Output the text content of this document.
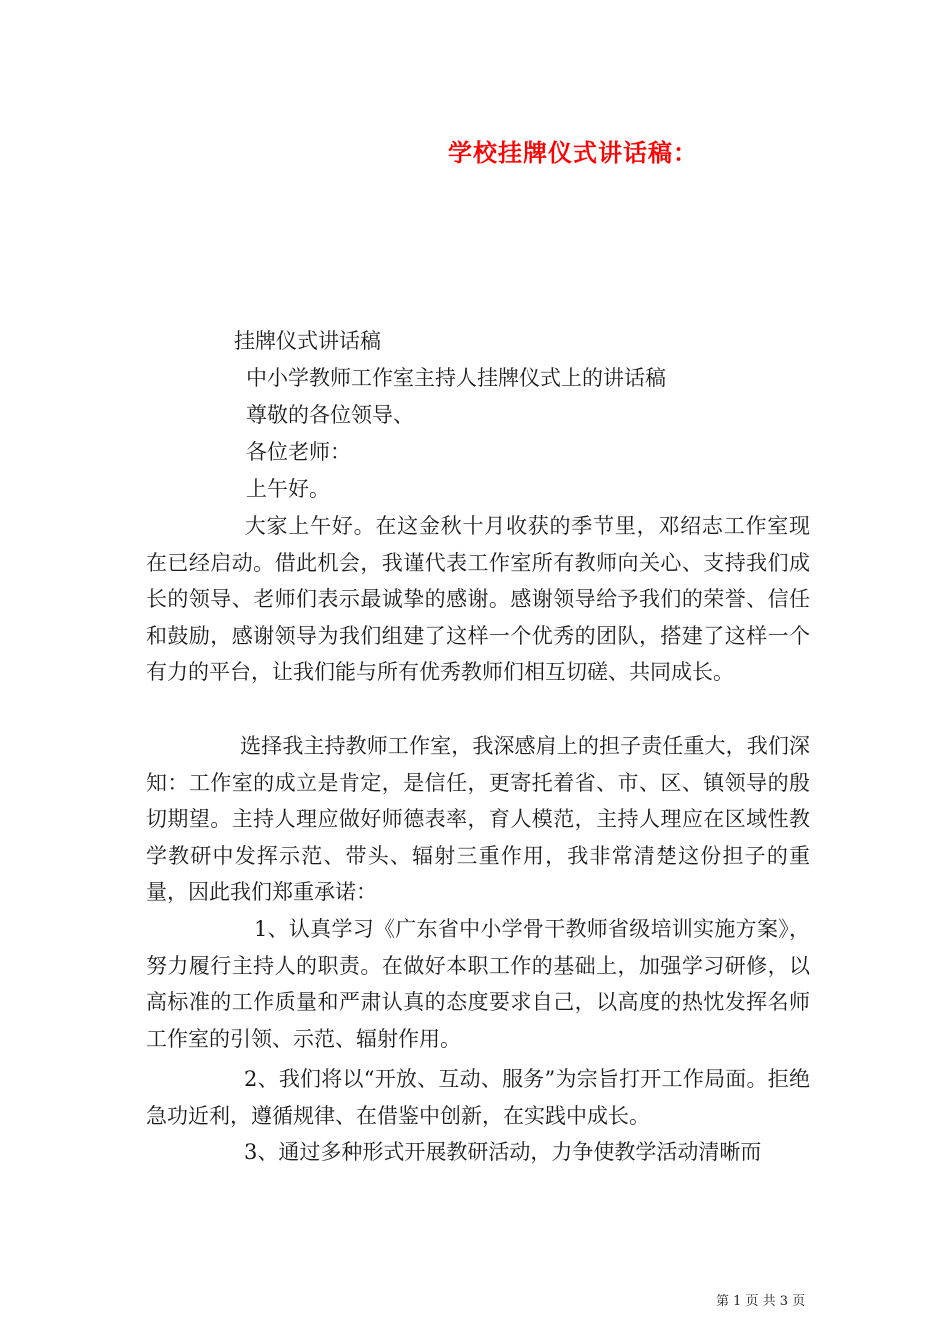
学校挂牌仪式讲话稿：
挂牌仪式讲话稿
中小学教师工作室主持人挂牌仪式上的讲话稿
尊敬的各位领导、
各位老师：
上午好。
大家上午好。在这金秋十月收获的季节里，邓绍志工作室现在已经启动。借此机会，我谨代表工作室所有教师向关心、支持我们成长的领导、老师们表示最诚挚的感谢。感谢领导给予我们的荣誉、信任和鼓励，感谢领导为我们组建了这样一个优秀的团队，搭建了这样一个有力的平台，让我们能与所有优秀教师们相互切磋、共同成长。
选择我主持教师工作室，我深感肩上的担子责任重大，我们深知：工作室的成立是肯定，是信任，更寄托着省、市、区、镇领导的殷切期望。主持人理应做好师德表率，育人模范，主持人理应在区域性教学教研中发挥示范、带头、辐射三重作用，我非常清楚这份担子的重量，因此我们郑重承诺：
1、认真学习《广东省中小学骨干教师省级培训实施方案》，努力履行主持人的职责。在做好本职工作的基础上，加强学习研修，以高标准的工作质量和严肃认真的态度要求自己，以高度的热忱发挥名师工作室的引领、示范、辐射作用。
2、我们将以“开放、互动、服务”为宗旨打开工作局面。拒绝急功近利，遵循规律、在借鉴中创新，在实践中成长。
3、通过多种形式开展教研活动，力争使教学活动清晰而
第 1 页 共 3 页
